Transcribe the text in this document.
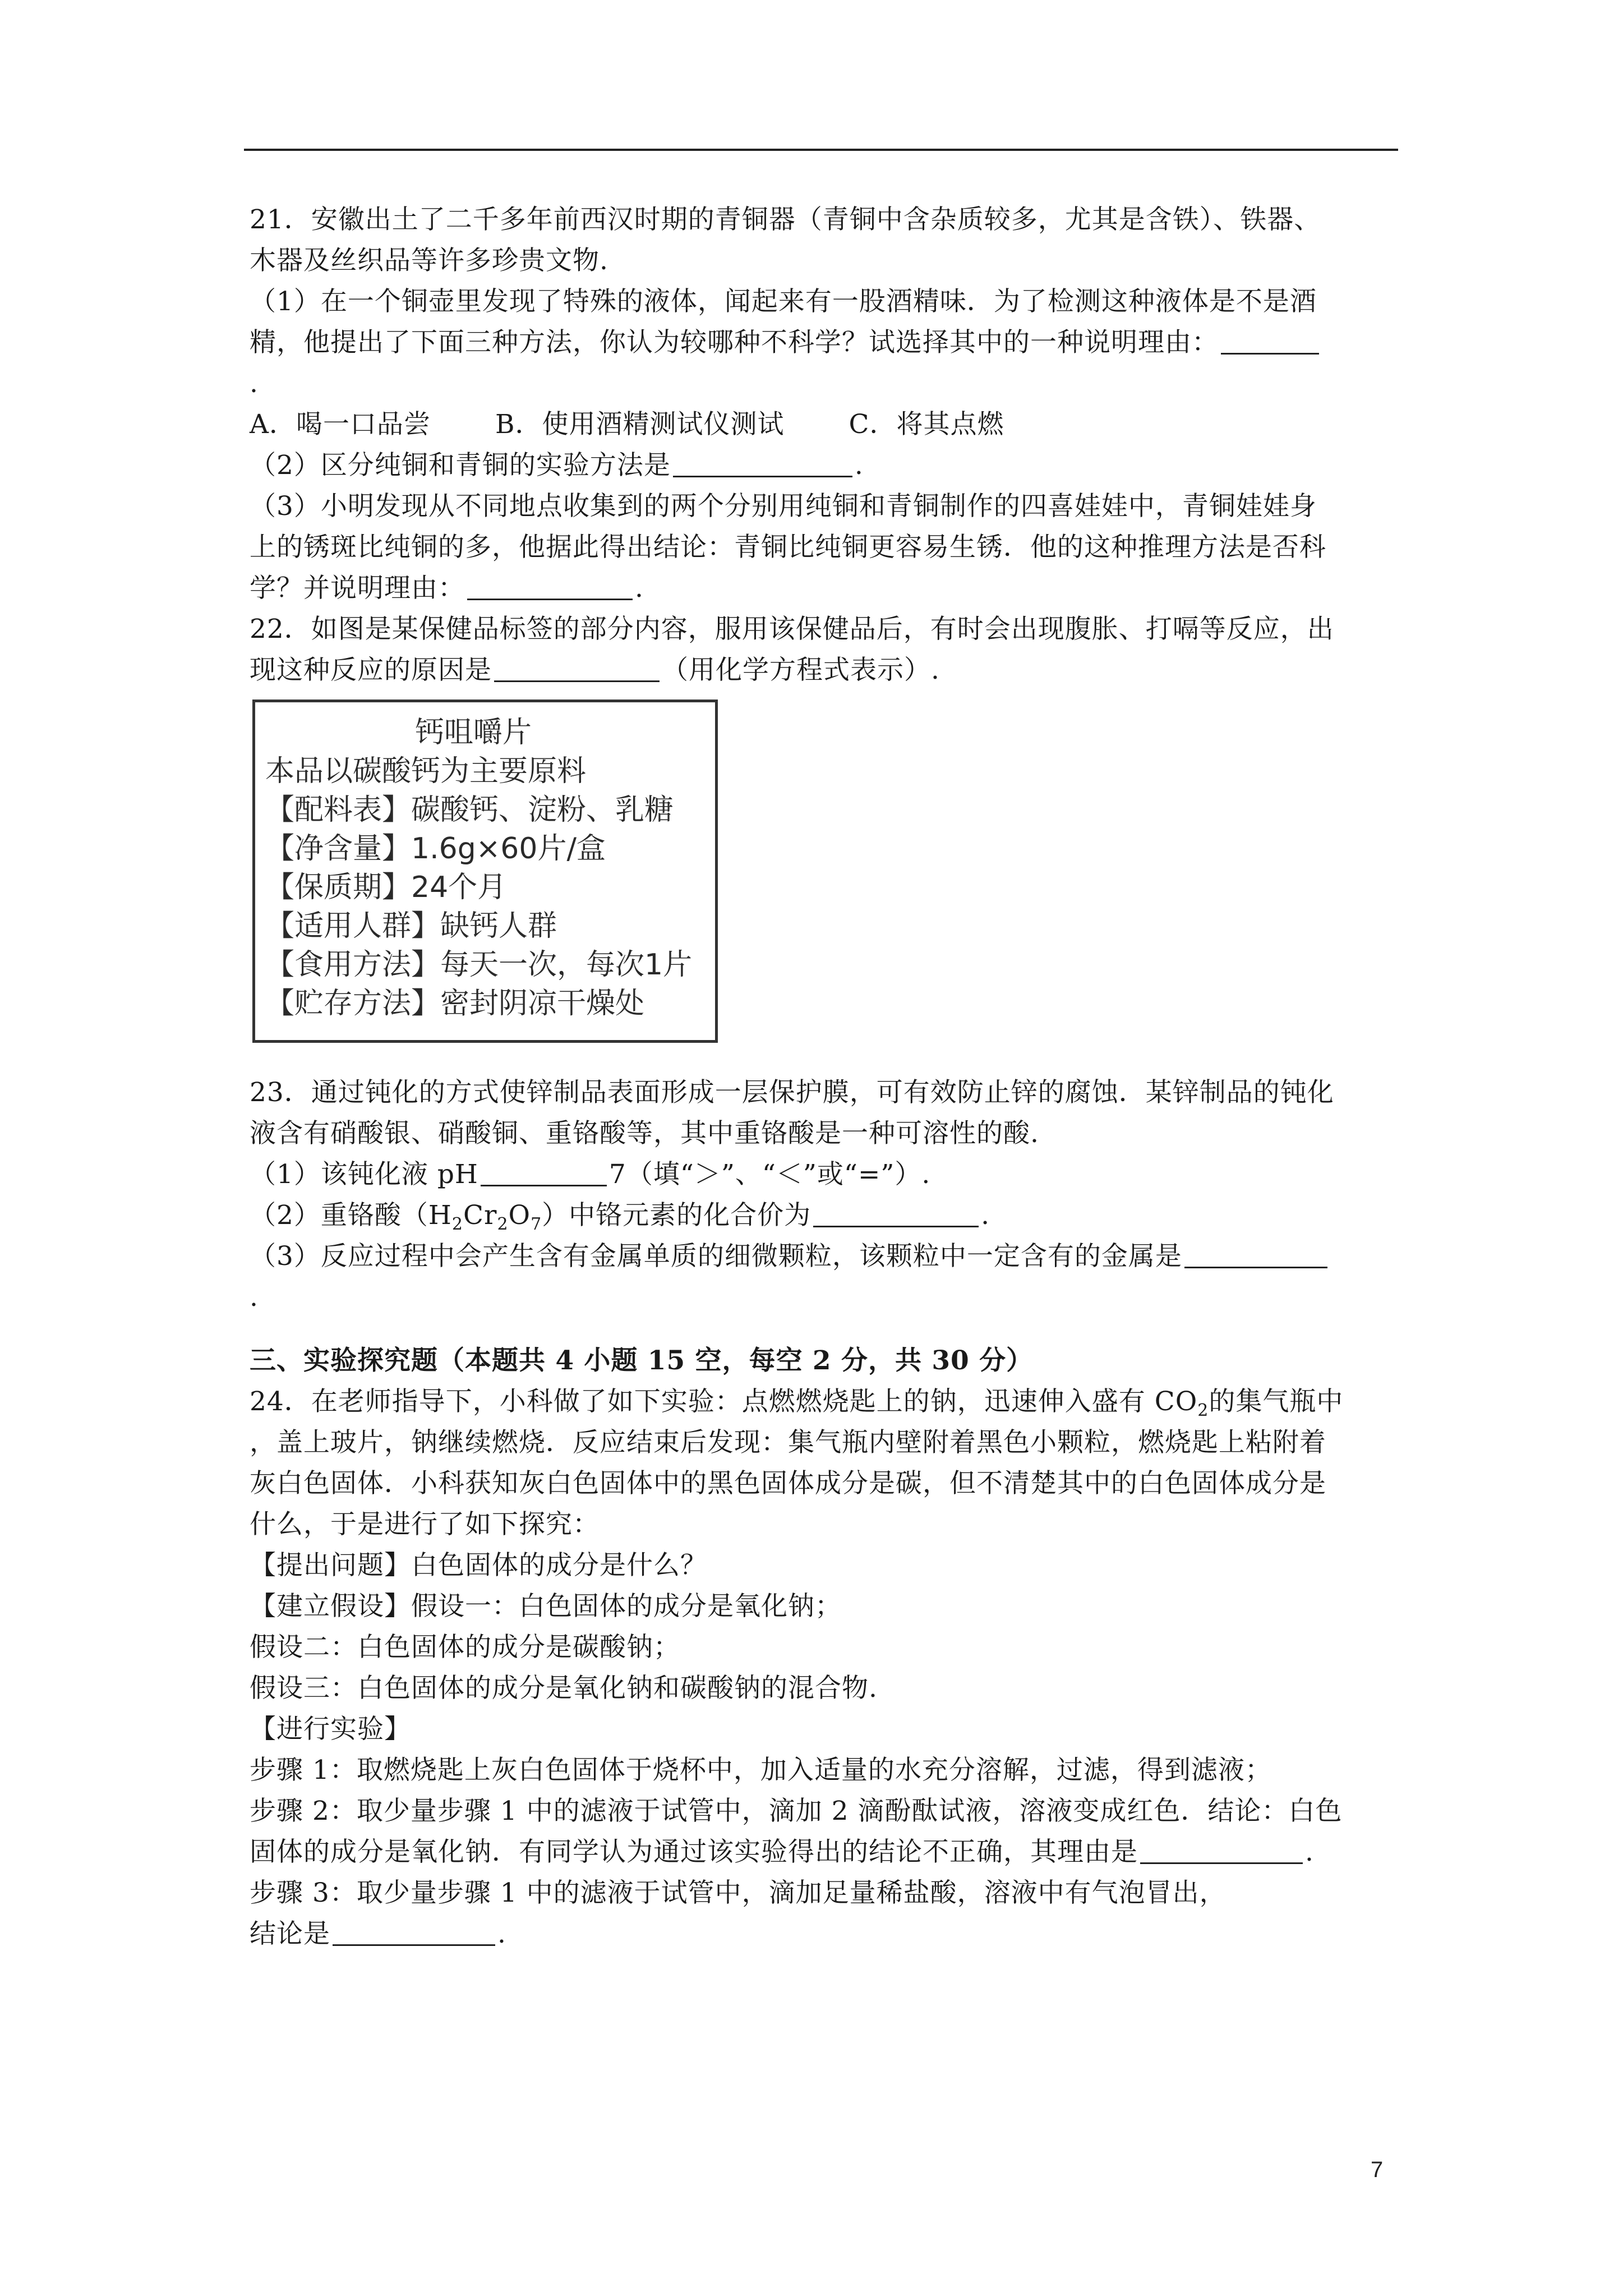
21．安徽出土了二千多年前西汉时期的青铜器（青铜中含杂质较多，尤其是含铁）、铁器、

木器及丝织品等许多珍贵文物.

（1）在一个铜壶里发现了特殊的液体，闻起来有一股酒精味．为了检测这种液体是不是酒

精，他提出了下面三种方法，你认为较哪种不科学？试选择其中的一种说明理由：

.

A．喝一口品尝 B．使用酒精测试仪测试 C．将其点燃

（2）区分纯铜和青铜的实验方法是	.

（3）小明发现从不同地点收集到的两个分别用纯铜和青铜制作的四喜娃娃中，青铜娃娃身

上的锈斑比纯铜的多，他据此得出结论：青铜比纯铜更容易生锈．他的这种推理方法是否科

学？并说明理由：	.

22．如图是某保健品标签的部分内容，服用该保健品后，有时会出现腹胀、打嗝等反应，出

现这种反应的原因是	（用化学方程式表示）.

钙咀嚼片
本品以碳酸钙为主要原料
【配料表】碳酸钙、淀粉、乳糖
【净含量】1.6g×60片/盒
【保质期】24个月
【适用人群】缺钙人群
【食用方法】每天一次，每次1片
【贮存方法】密封阴凉干燥处

23．通过钝化的方式使锌制品表面形成一层保护膜，可有效防止锌的腐蚀．某锌制品的钝化

液含有硝酸银、硝酸铜、重铬酸等，其中重铬酸是一种可溶性的酸.

（1）该钝化液 pH	7（填“＞”、“＜”或“=”）.

（2）重铬酸$(H_2Cr_2O_7)$中铬元素的化合价为	.

（3）反应过程中会产生含有金属单质的细微颗粒，该颗粒中一定含有的金属是

.

三、实验探究题（本题共 4 小题 15 空，每空 2 分，共 30 分）

24．在老师指导下，小科做了如下实验：点燃燃烧匙上的钠，迅速伸入盛有 $CO_2$的集气瓶中

，盖上玻片，钠继续燃烧．反应结束后发现：集气瓶内壁附着黑色小颗粒，燃烧匙上粘附着

灰白色固体．小科获知灰白色固体中的黑色固体成分是碳，但不清楚其中的白色固体成分是

什么，于是进行了如下探究：

【提出问题】白色固体的成分是什么？

【建立假设】假设一：白色固体的成分是氧化钠；

假设二：白色固体的成分是碳酸钠；

假设三：白色固体的成分是氧化钠和碳酸钠的混合物.

【进行实验】

步骤 1：取燃烧匙上灰白色固体于烧杯中，加入适量的水充分溶解，过滤，得到滤液；

步骤 2：取少量步骤 1 中的滤液于试管中，滴加 2 滴酚酞试液，溶液变成红色．结论：白色

固体的成分是氧化钠．有同学认为通过该实验得出的结论不正确，其理由是	.

步骤 3：取少量步骤 1 中的滤液于试管中，滴加足量稀盐酸，溶液中有气泡冒出，

结论是	.

7
